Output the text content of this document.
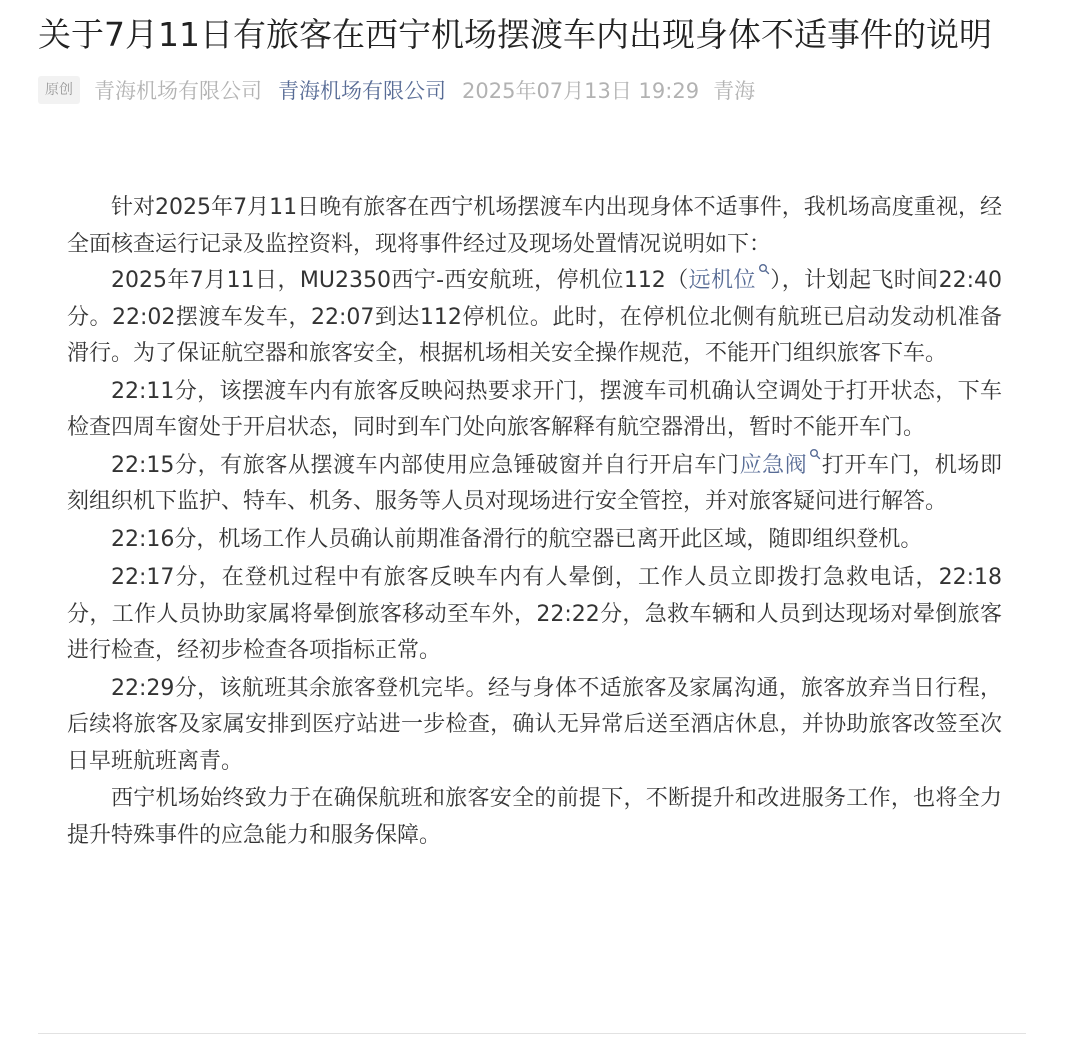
关于7月11日有旅客在西宁机场摆渡车内出现身体不适事件的说明
原创	青海机场有限公司 青海机场有限公司 2025年07月13日 19:29 青海

针对2025年7月11日晚有旅客在西宁机场摆渡车内出现身体不适事件，我机场高度重视，经全面核查运行记录及监控资料，现将事件经过及现场处置情况说明如下：

2025年7月11日，MU2350西宁-西安航班，停机位112（远机位 ），计划起飞时间22:40分。22:02摆渡车发车，22:07到达112停机位。此时，在停机位北侧有航班已启动发动机准备滑行。为了保证航空器和旅客安全，根据机场相关安全操作规范，不能开门组织旅客下车。

22:11分，该摆渡车内有旅客反映闷热要求开门，摆渡车司机确认空调处于打开状态，下车检查四周车窗处于开启状态，同时到车门处向旅客解释有航空器滑出，暂时不能开车门。

22:15分，有旅客从摆渡车内部使用应急锤破窗并自行开启车门应急阀 打开车门，机场即刻组织机下监护、特车、机务、服务等人员对现场进行安全管控，并对旅客疑问进行解答。

22:16分，机场工作人员确认前期准备滑行的航空器已离开此区域，随即组织登机。

22:17分，在登机过程中有旅客反映车内有人晕倒，工作人员立即拨打急救电话，22:18分，工作人员协助家属将晕倒旅客移动至车外，22:22分，急救车辆和人员到达现场对晕倒旅客进行检查，经初步检查各项指标正常。

22:29分，该航班其余旅客登机完毕。经与身体不适旅客及家属沟通，旅客放弃当日行程，后续将旅客及家属安排到医疗站进一步检查，确认无异常后送至酒店休息，并协助旅客改签至次日早班航班离青。

西宁机场始终致力于在确保航班和旅客安全的前提下，不断提升和改进服务工作，也将全力提升特殊事件的应急能力和服务保障。
